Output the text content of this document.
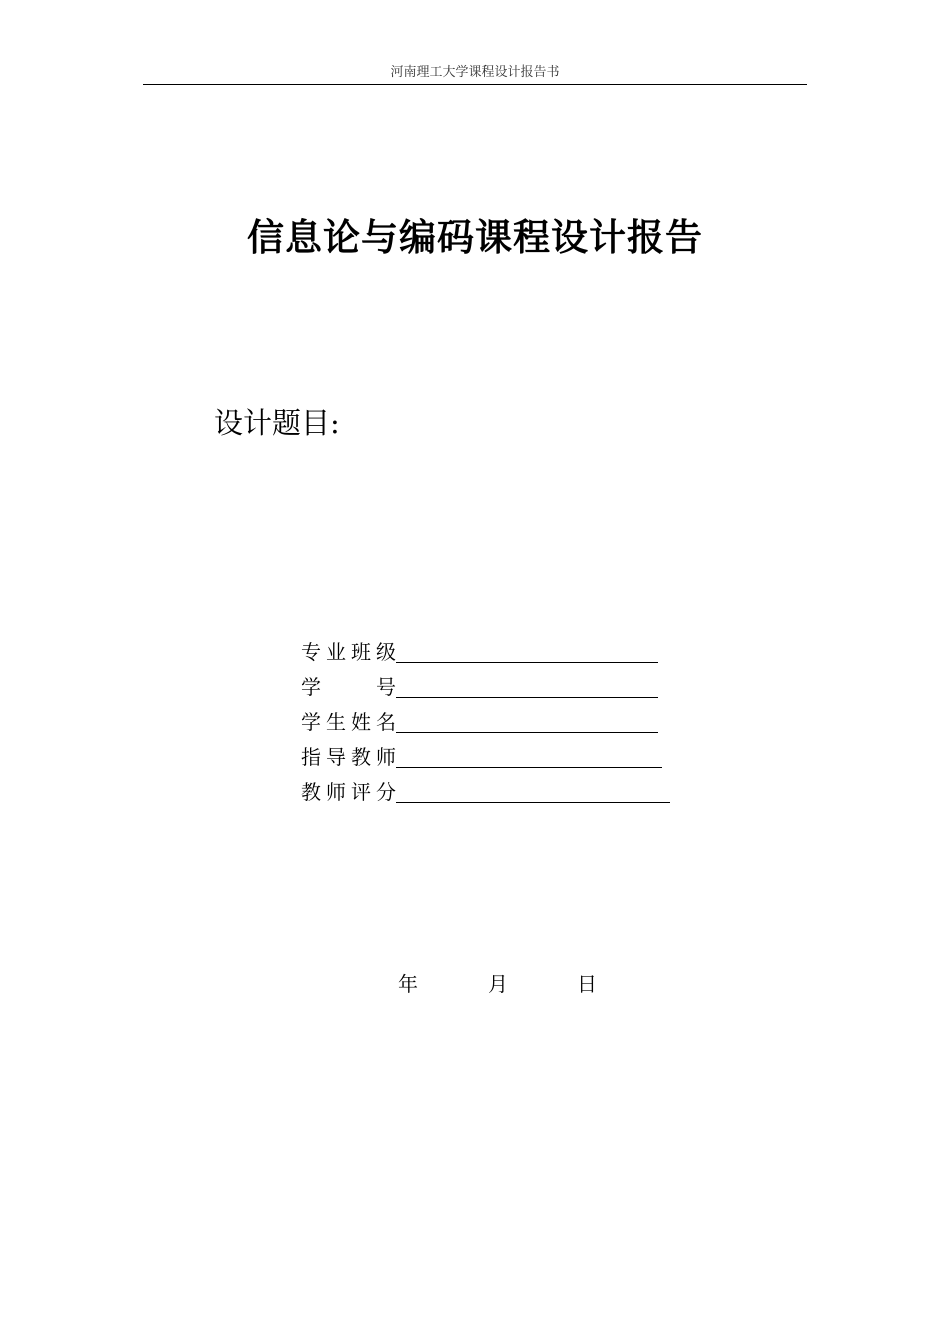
河南理工大学课程设计报告书
信息论与编码课程设计报告
设计题目:
专 业 班 级
学	号
学 生 姓 名
指 导 教 师
教 师 评 分
年	月	日
